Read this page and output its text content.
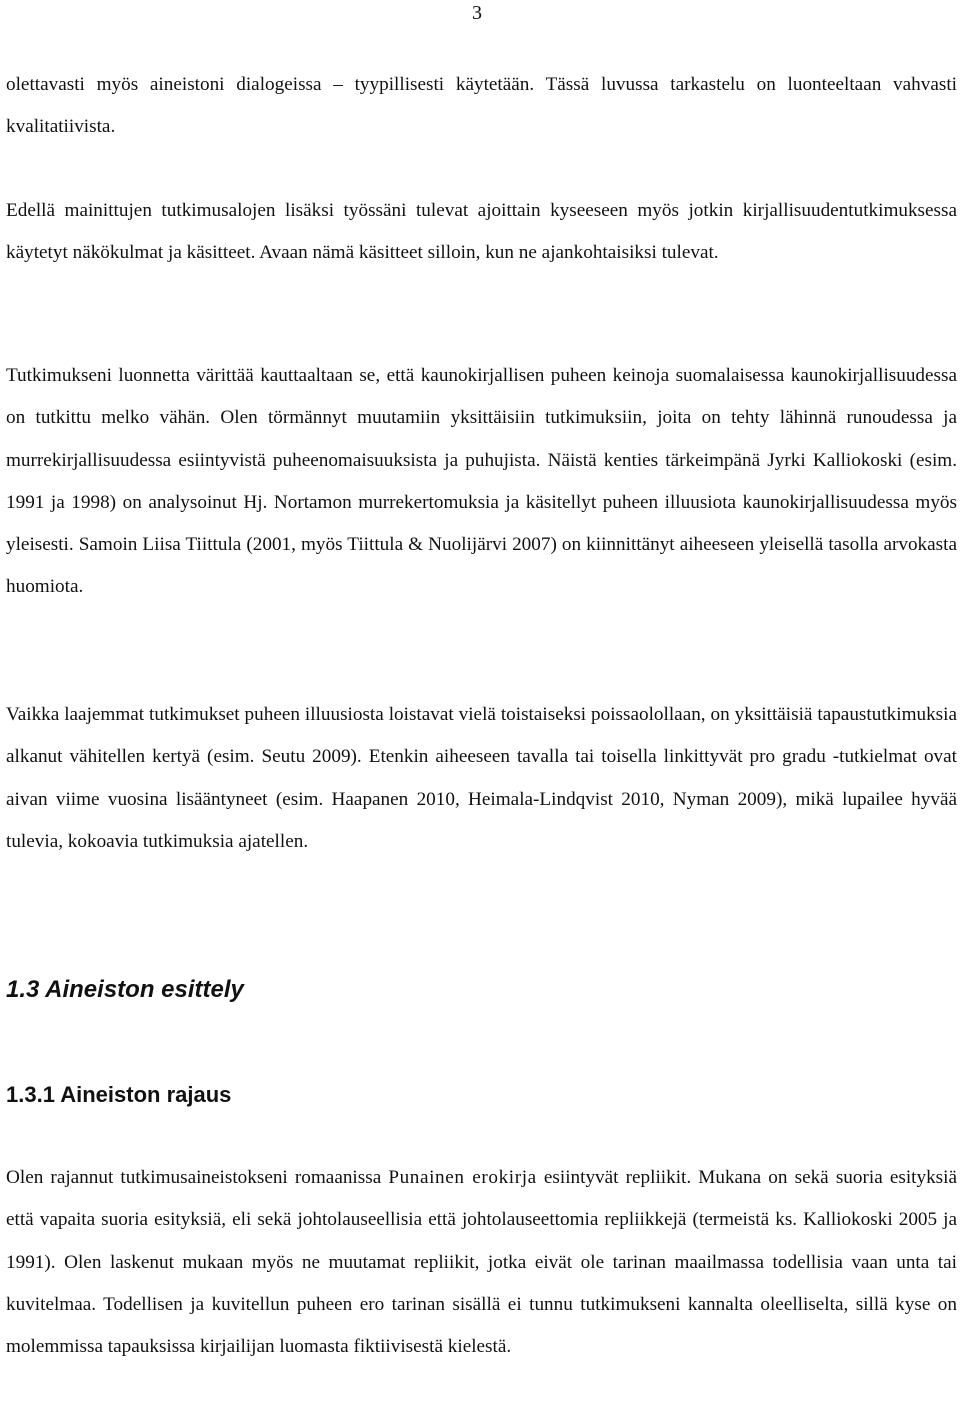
3

olettavasti myös aineistoni dialogeissa – tyypillisesti käytetään. Tässä luvussa tarkastelu on luonteeltaan vahvasti kvalitatiivista.

Edellä mainittujen tutkimusalojen lisäksi työssäni tulevat ajoittain kyseeseen myös jotkin kirjallisuudentutkimuksessa käytetyt näkökulmat ja käsitteet. Avaan nämä käsitteet silloin, kun ne ajankohtaisiksi tulevat.

Tutkimukseni luonnetta värittää kauttaaltaan se, että kaunokirjallisen puheen keinoja suomalaisessa kaunokirjallisuudessa on tutkittu melko vähän. Olen törmännyt muutamiin yksittäisiin tutkimuksiin, joita on tehty lähinnä runoudessa ja murrekirjallisuudessa esiintyvistä puheenomaisuuksista ja puhujista. Näistä kenties tärkeimpänä Jyrki Kalliokoski (esim. 1991 ja 1998) on analysoinut Hj. Nortamon murrekertomuksia ja käsitellyt puheen illuusiota kaunokirjallisuudessa myös yleisesti. Samoin Liisa Tiittula (2001, myös Tiittula & Nuolijärvi 2007) on kiinnittänyt aiheeseen yleisellä tasolla arvokasta huomiota.

Vaikka laajemmat tutkimukset puheen illuusiosta loistavat vielä toistaiseksi poissaolollaan, on yksittäisiä tapaustutkimuksia alkanut vähitellen kertyä (esim. Seutu 2009). Etenkin aiheeseen tavalla tai toisella linkittyvät pro gradu -tutkielmat ovat aivan viime vuosina lisääntyneet (esim. Haapanen 2010, Heimala-Lindqvist 2010, Nyman 2009), mikä lupailee hyvää tulevia, kokoavia tutkimuksia ajatellen.

1.3 Aineiston esittely
1.3.1 Aineiston rajaus

Olen rajannut tutkimusaineistokseni romaanissa Punainen erokirja esiintyvät repliikit. Mukana on sekä suoria esityksiä että vapaita suoria esityksiä, eli sekä johtolauseellisia että johtolauseettomia repliikkejä (termeistä ks. Kalliokoski 2005 ja 1991). Olen laskenut mukaan myös ne muutamat repliikit, jotka eivät ole tarinan maailmassa todellisia vaan unta tai kuvitelmaa. Todellisen ja kuvitellun puheen ero tarinan sisällä ei tunnu tutkimukseni kannalta oleelliselta, sillä kyse on molemmissa tapauksissa kirjailijan luomasta fiktiivisestä kielestä.
